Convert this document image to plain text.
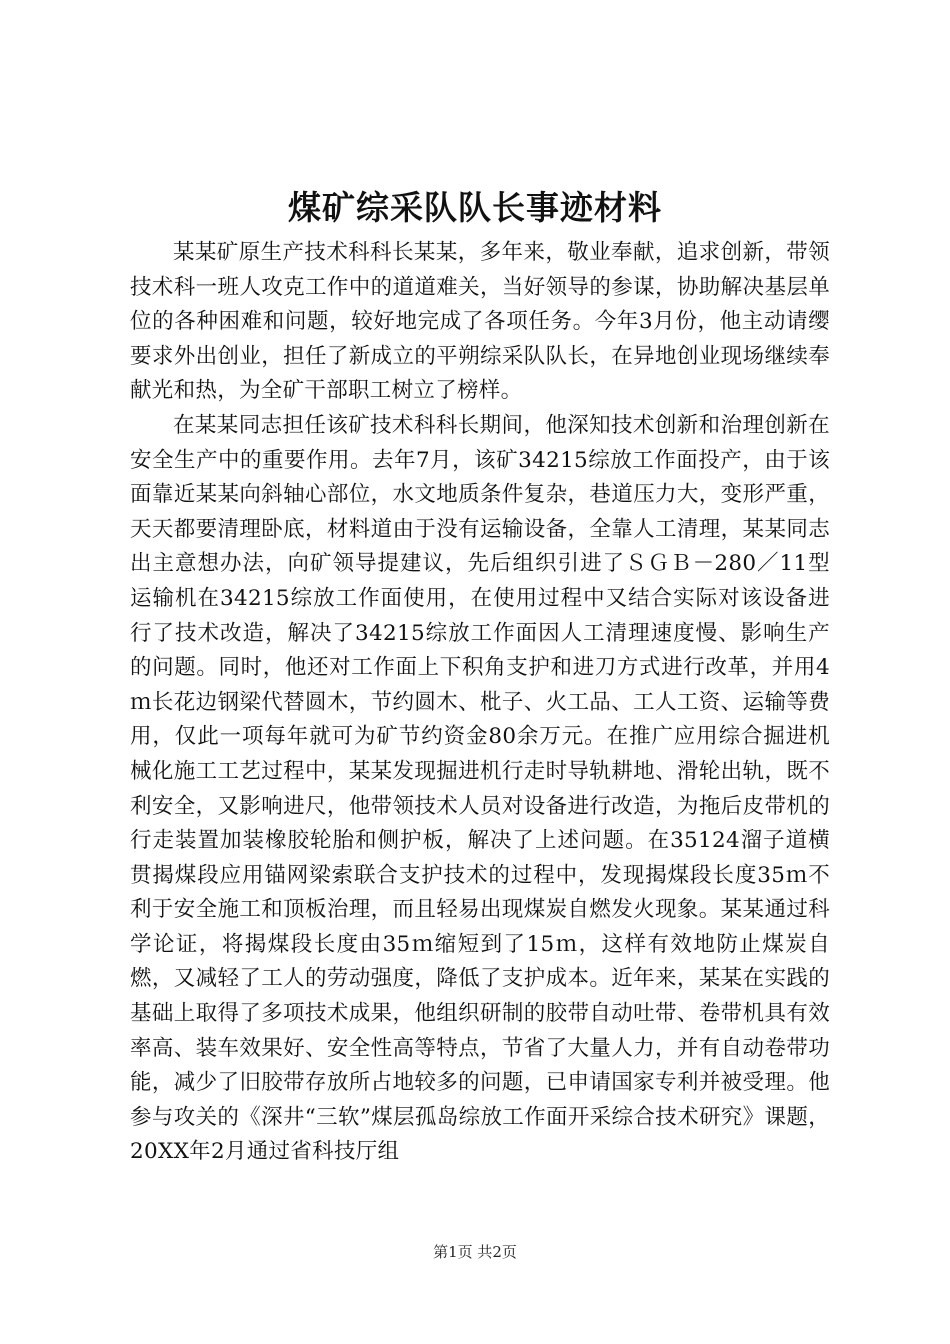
煤矿综采队队长事迹材料

某某矿原生产技术科科长某某，多年来，敬业奉献，追求创新，带领技术科一班人攻克工作中的道道难关，当好领导的参谋，协助解决基层单位的各种困难和问题，较好地完成了各项任务。今年3月份，他主动请缨要求外出创业，担任了新成立的平朔综采队队长，在异地创业现场继续奉献光和热，为全矿干部职工树立了榜样。

在某某同志担任该矿技术科科长期间，他深知技术创新和治理创新在安全生产中的重要作用。去年7月，该矿34215综放工作面投产，由于该面靠近某某向斜轴心部位，水文地质条件复杂，巷道压力大，变形严重，天天都要清理卧底，材料道由于没有运输设备，全靠人工清理，某某同志出主意想办法，向矿领导提建议，先后组织引进了ＳＧＢ－280／11型运输机在34215综放工作面使用，在使用过程中又结合实际对该设备进行了技术改造，解决了34215综放工作面因人工清理速度慢、影响生产的问题。同时，他还对工作面上下积角支护和进刀方式进行改革，并用4ｍ长花边钢梁代替圆木，节约圆木、枇子、火工品、工人工资、运输等费用，仅此一项每年就可为矿节约资金80余万元。在推广应用综合掘进机械化施工工艺过程中，某某发现掘进机行走时导轨耕地、滑轮出轨，既不利安全，又影响进尺，他带领技术人员对设备进行改造，为拖后皮带机的行走装置加装橡胶轮胎和侧护板，解决了上述问题。在35124溜子道横贯揭煤段应用锚网梁索联合支护技术的过程中，发现揭煤段长度35ｍ不利于安全施工和顶板治理，而且轻易出现煤炭自燃发火现象。某某通过科学论证，将揭煤段长度由35ｍ缩短到了15ｍ，这样有效地防止煤炭自燃，又减轻了工人的劳动强度，降低了支护成本。近年来，某某在实践的基础上取得了多项技术成果，他组织研制的胶带自动吐带、卷带机具有效率高、装车效果好、安全性高等特点，节省了大量人力，并有自动卷带功能，减少了旧胶带存放所占地较多的问题，已申请国家专利并被受理。他参与攻关的《深井“三软”煤层孤岛综放工作面开采综合技术研究》课题，20XX年2月通过省科技厅组

第1页 共2页
